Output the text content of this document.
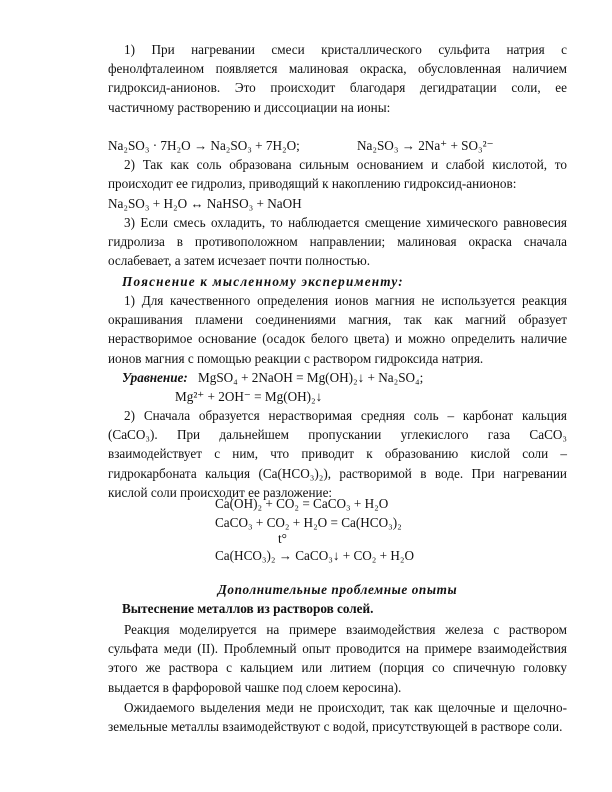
1) При нагревании смеси кристаллического сульфита натрия с фенолфталеином появляется малиновая окраска, обусловленная наличием гидроксид-анионов. Это происходит благодаря дегидратации соли, ее частичному растворению и диссоциации на ионы:

Na₂SO₃ · 7H₂O → Na₂SO₃ + 7H₂O;	Na₂SO₃ → 2Na⁺ + SO₃²⁻

2) Так как соль образована сильным основанием и слабой кислотой, то происходит ее гидролиз, приводящий к накоплению гидроксид-анионов:

Na₂SO₃ + H₂O ↔ NaHSO₃ + NaOH

3) Если смесь охладить, то наблюдается смещение химического равновесия гидролиза в противоположном направлении; малиновая окраска сначала ослабевает, а затем исчезает почти полностью.

Пояснение к мысленному эксперименту:

1) Для качественного определения ионов магния не используется реакция окрашивания пламени соединениями магния, так как магний образует нерастворимое основание (осадок белого цвета) и можно определить наличие ионов магния с помощью реакции с раствором гидроксида натрия.

Уравнение: MgSO₄ + 2NaOH = Mg(OH)₂↓ + Na₂SO₄;
Mg²⁺ + 2OH⁻ = Mg(OH)₂↓

2) Сначала образуется нерастворимая средняя соль – карбонат кальция (CaCO₃). При дальнейшем пропускании углекислого газа CaCO₃ взаимодействует с ним, что приводит к образованию кислой соли – гидрокарбоната кальция (Ca(HCO₃)₂), растворимой в воде. При нагревании кислой соли происходит ее разложение:

Ca(OH)₂ + CO₂ = CaCO₃ + H₂O
CaCO₃ + CO₂ + H₂O = Ca(HCO₃)₂
t°
Ca(HCO₃)₂ → CaCO₃↓ + CO₂ + H₂O
Дополнительные проблемные опыты
Вытеснение металлов из растворов солей.

Реакция моделируется на примере взаимодействия железа с раствором сульфата меди (II). Проблемный опыт проводится на примере взаимодействия этого же раствора с кальцием или литием (порция со спичечную головку выдается в фарфоровой чашке под слоем керосина).

Ожидаемого выделения меди не происходит, так как щелочные и щелочно-земельные металлы взаимодействуют с водой, присутствующей в растворе соли.
